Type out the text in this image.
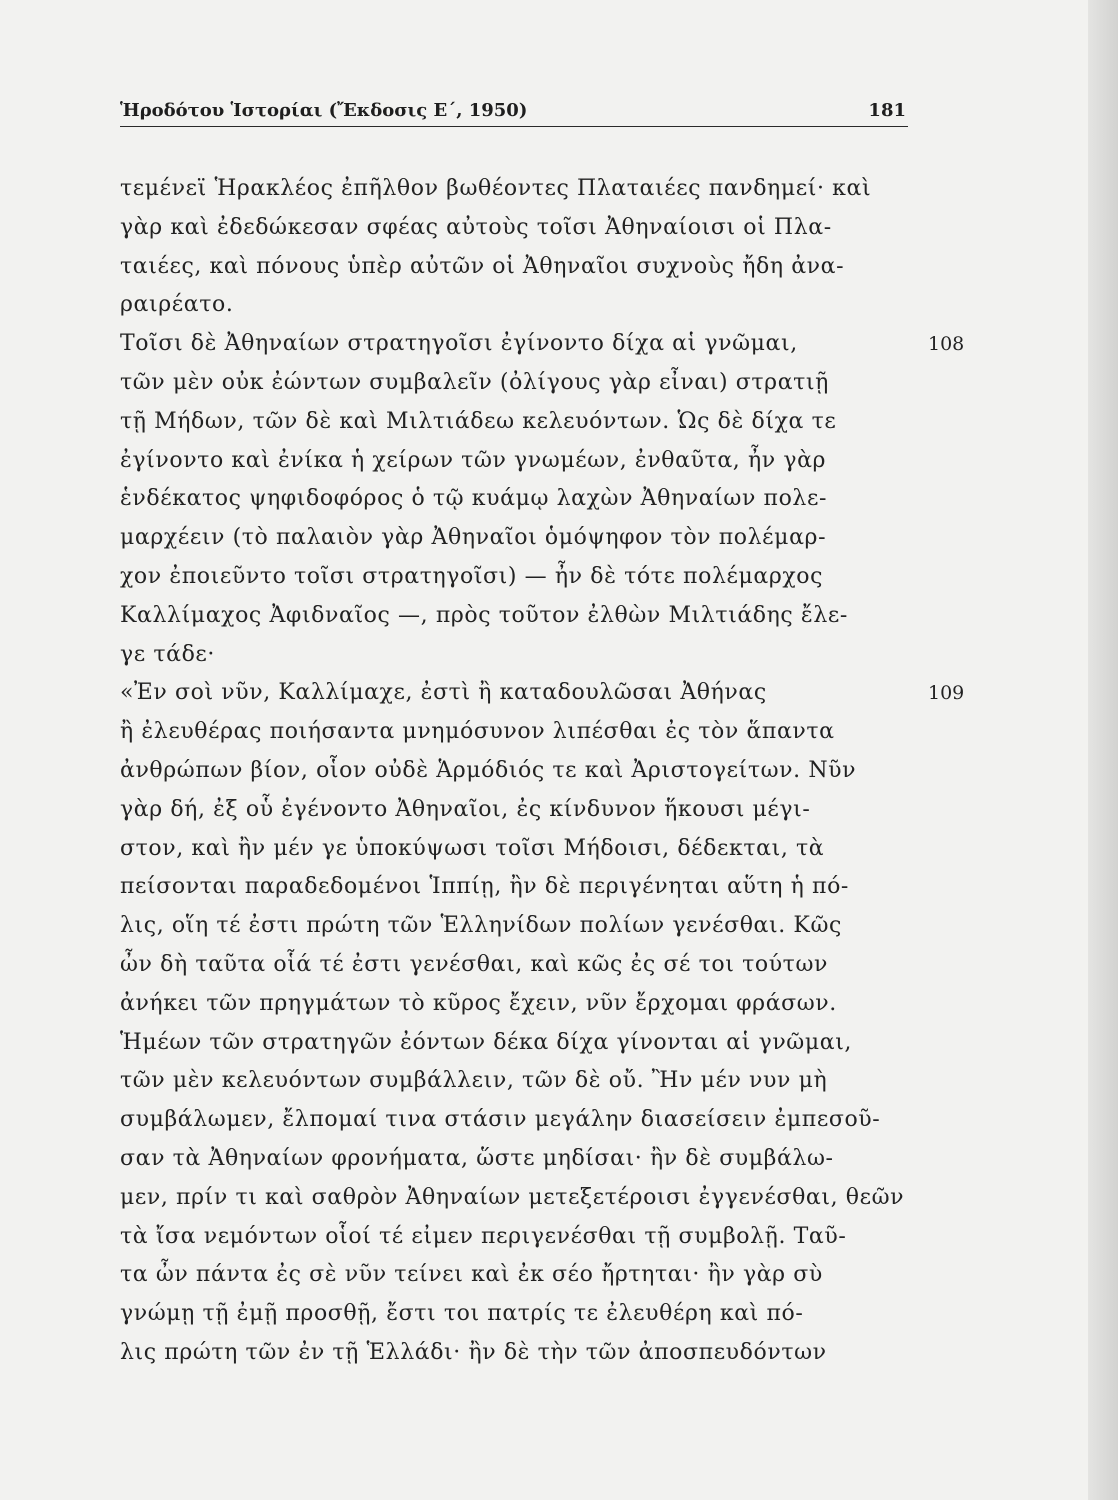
Ἡροδότου Ἱστορίαι (Ἔκδοσις Ε΄, 1950)	181
τεμένεϊ Ἡρακλέος ἐπῆλθον βωθέοντες Πλαταιέες πανδημεί· καὶ
γὰρ καὶ ἐδεδώκεσαν σφέας αὐτοὺς τοῖσι Ἀθηναίοισι οἱ Πλα-
ταιέες, καὶ πόνους ὑπὲρ αὐτῶν οἱ Ἀθηναῖοι συχνοὺς ἤδη ἀνα-
ραιρέατο.
Τοῖσι δὲ Ἀθηναίων στρατηγοῖσι ἐγίνοντο δίχα αἱ γνῶμαι,	108
τῶν μὲν οὐκ ἐώντων συμβαλεῖν (ὀλίγους γὰρ εἶναι) στρατιῇ
τῇ Μήδων, τῶν δὲ καὶ Μιλτιάδεω κελευόντων. Ὡς δὲ δίχα τε
ἐγίνοντο καὶ ἐνίκα ἡ χείρων τῶν γνωμέων, ἐνθαῦτα, ἦν γὰρ
ἑνδέκατος ψηφιδοφόρος ὁ τῷ κυάμῳ λαχὼν Ἀθηναίων πολε-
μαρχέειν (τὸ παλαιὸν γὰρ Ἀθηναῖοι ὁμόψηφον τὸν πολέμαρ-
χον ἐποιεῦντο τοῖσι στρατηγοῖσι) — ἦν δὲ τότε πολέμαρχος
Καλλίμαχος Ἀφιδναῖος —, πρὸς τοῦτον ἐλθὼν Μιλτιάδης ἔλε-
γε τάδε·
«Ἐν σοὶ νῦν, Καλλίμαχε, ἐστὶ ἢ καταδουλῶσαι Ἀθήνας	109
ἢ ἐλευθέρας ποιήσαντα μνημόσυνον λιπέσθαι ἐς τὸν ἅπαντα
ἀνθρώπων βίον, οἷον οὐδὲ Ἁρμόδιός τε καὶ Ἀριστογείτων. Νῦν
γὰρ δή, ἐξ οὗ ἐγένοντο Ἀθηναῖοι, ἐς κίνδυνον ἥκουσι μέγι-
στον, καὶ ἢν μέν γε ὑποκύψωσι τοῖσι Μήδοισι, δέδεκται, τὰ
πείσονται παραδεδομένοι Ἱππίῃ, ἢν δὲ περιγένηται αὕτη ἡ πό-
λις, οἵη τέ ἐστι πρώτη τῶν Ἑλληνίδων πολίων γενέσθαι. Κῶς
ὦν δὴ ταῦτα οἷά τέ ἐστι γενέσθαι, καὶ κῶς ἐς σέ τοι τούτων
ἀνήκει τῶν πρηγμάτων τὸ κῦρος ἔχειν, νῦν ἔρχομαι φράσων.
Ἡμέων τῶν στρατηγῶν ἐόντων δέκα δίχα γίνονται αἱ γνῶμαι,
τῶν μὲν κελευόντων συμβάλλειν, τῶν δὲ οὔ. Ἢν μέν νυν μὴ
συμβάλωμεν, ἔλπομαί τινα στάσιν μεγάλην διασείσειν ἐμπεσοῦ-
σαν τὰ Ἀθηναίων φρονήματα, ὥστε μηδίσαι· ἢν δὲ συμβάλω-
μεν, πρίν τι καὶ σαθρὸν Ἀθηναίων μετεξετέροισι ἐγγενέσθαι, θεῶν
τὰ ἴσα νεμόντων οἷοί τέ εἰμεν περιγενέσθαι τῇ συμβολῇ. Ταῦ-
τα ὦν πάντα ἐς σὲ νῦν τείνει καὶ ἐκ σέο ἤρτηται· ἢν γὰρ σὺ
γνώμῃ τῇ ἐμῇ προσθῇ, ἔστι τοι πατρίς τε ἐλευθέρη καὶ πό-
λις πρώτη τῶν ἐν τῇ Ἑλλάδι· ἢν δὲ τὴν τῶν ἀποσπευδόντων
